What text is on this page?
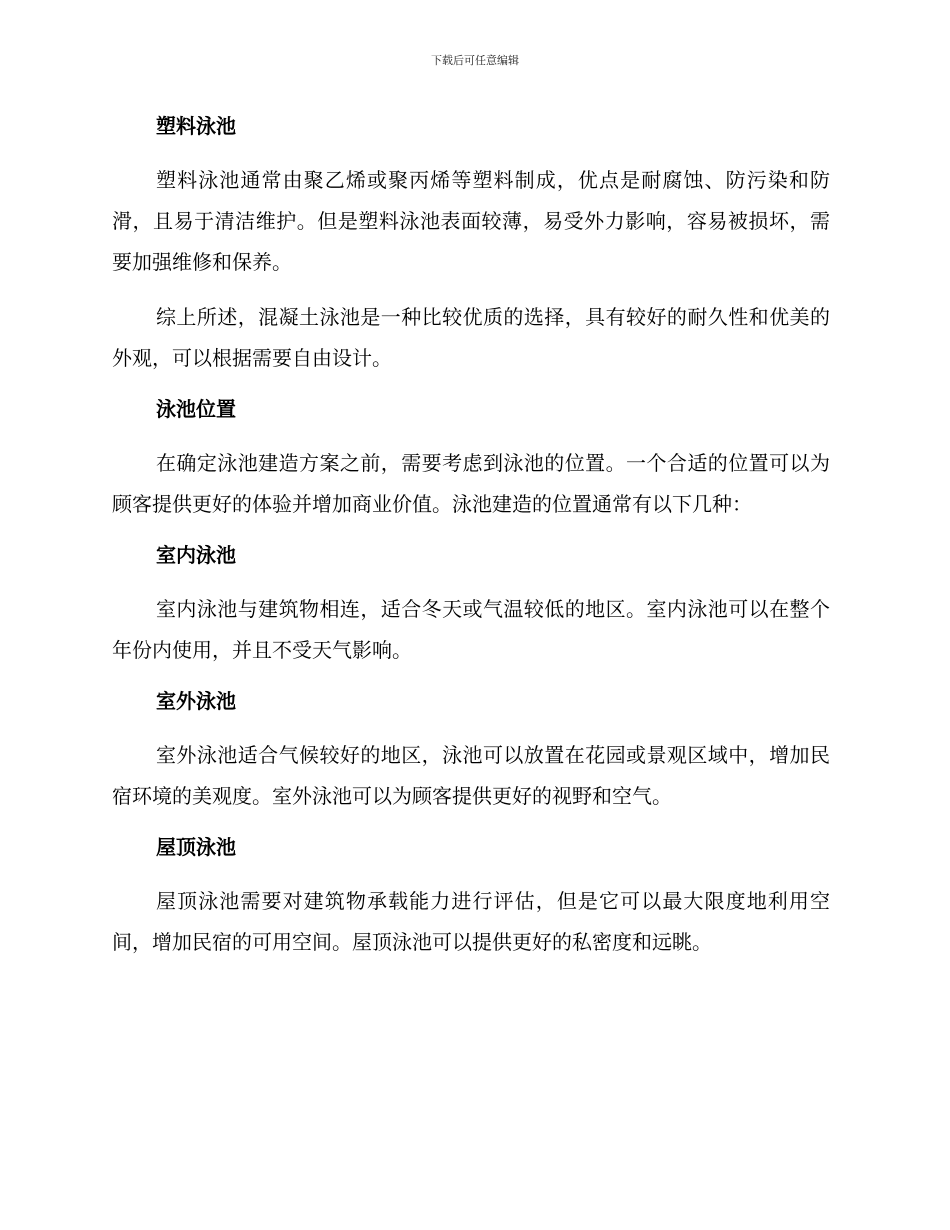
下载后可任意编辑
塑料泳池

塑料泳池通常由聚乙烯或聚丙烯等塑料制成，优点是耐腐蚀、防污染和防滑，且易于清洁维护。但是塑料泳池表面较薄，易受外力影响，容易被损坏，需要加强维修和保养。

综上所述，混凝土泳池是一种比较优质的选择，具有较好的耐久性和优美的外观，可以根据需要自由设计。

泳池位置

在确定泳池建造方案之前，需要考虑到泳池的位置。一个合适的位置可以为顾客提供更好的体验并增加商业价值。泳池建造的位置通常有以下几种：

室内泳池

室内泳池与建筑物相连，适合冬天或气温较低的地区。室内泳池可以在整个年份内使用，并且不受天气影响。

室外泳池

室外泳池适合气候较好的地区，泳池可以放置在花园或景观区域中，增加民宿环境的美观度。室外泳池可以为顾客提供更好的视野和空气。

屋顶泳池

屋顶泳池需要对建筑物承载能力进行评估，但是它可以最大限度地利用空间，增加民宿的可用空间。屋顶泳池可以提供更好的私密度和远眺。
